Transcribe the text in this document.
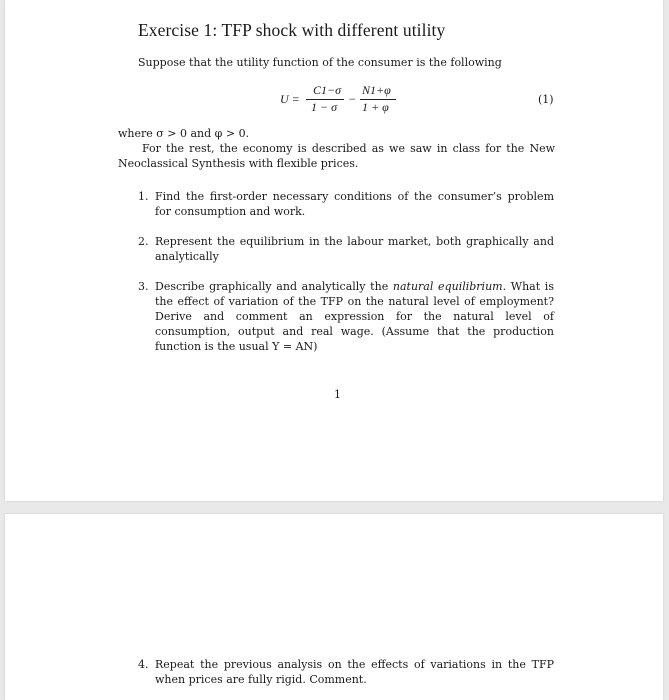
Exercise 1: TFP shock with different utility
Suppose that the utility function of the consumer is the following
U =
C1−σ
1 − σ
−
N1+φ
1 + φ
(1)
where σ > 0 and φ > 0.
For the rest, the economy is described as we saw in class for the New Neoclassical Synthesis with flexible prices.
1. Find the first-order necessary conditions of the consumer’s problem for consumption and work.
2. Represent the equilibrium in the labour market, both graphically and analytically
3. Describe graphically and analytically the natural equilibrium. What is the effect of variation of the TFP on the natural level of employment? Derive and comment an expression for the natural level of consumption, output and real wage. (Assume that the production function is the usual Y = AN)
1
4. Repeat the previous analysis on the effects of variations in the TFP when prices are fully rigid. Comment.
